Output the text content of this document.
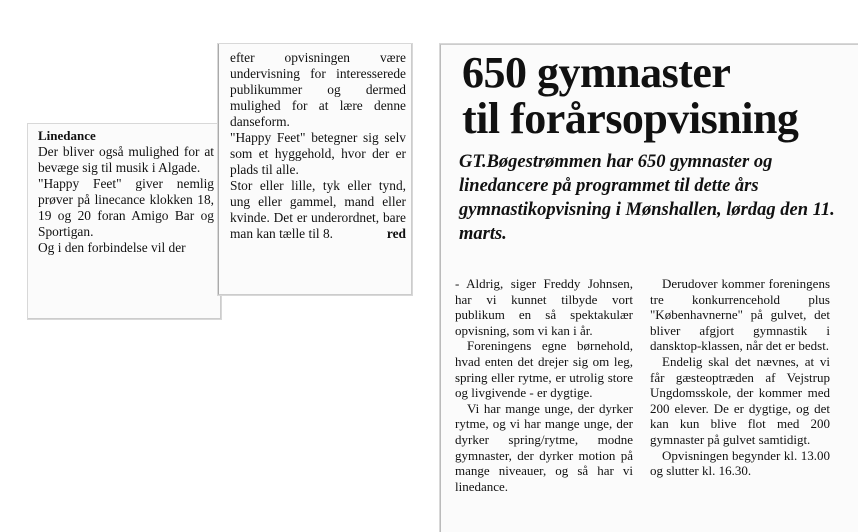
Linedance

Der bliver også mulighed for at bevæge sig til musik i Algade.

"Happy Feet" giver nemlig prøver på linecance klokken 18, 19 og 20 foran Amigo Bar og Sportigan.

Og i den forbindelse vil der

efter opvisningen være undervisning for interesserede publikummer og dermed mulighed for at lære denne danseform.

"Happy Feet" betegner sig selv som et hyggehold, hvor der er plads til alle.

Stor eller lille, tyk eller tynd, ung eller gammel, mand eller kvinde. Det er underordnet, bare man kan tælle til 8.	red

650 gymnaster
til forårsopvisning

GT.Bøgestrømmen har 650 gymnaster og linedancere på programmet til dette års gymnastikopvisning i Mønshallen, lørdag den 11. marts.

- Aldrig, siger Freddy Johnsen, har vi kunnet tilbyde vort publikum en så spektakulær opvisning, som vi kan i år.

Foreningens egne børnehold, hvad enten det drejer sig om leg, spring eller rytme, er utrolig store og livgivende - er dygtige.

Vi har mange unge, der dyrker rytme, og vi har mange unge, der dyrker spring/rytme, modne gymnaster, der dyrker motion på mange niveauer, og så har vi linedance.

Derudover kommer foreningens tre konkurrencehold plus "Københavnerne" på gulvet, det bliver afgjort gymnastik i dansktop-klassen, når det er bedst.

Endelig skal det nævnes, at vi får gæsteoptræden af Vejstrup Ungdomsskole, der kommer med 200 elever. De er dygtige, og det kan kun blive flot med 200 gymnaster på gulvet samtidigt.

Opvisningen begynder kl. 13.00 og slutter kl. 16.30.
